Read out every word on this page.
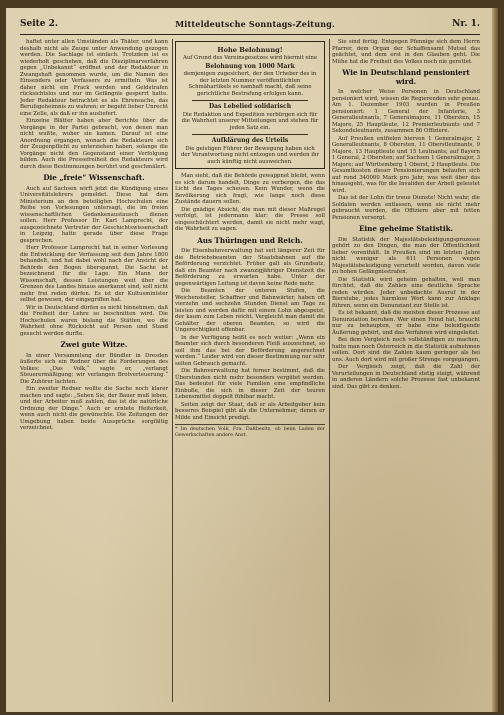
Seite 2.	Mitteldeutsche Sonntags-Zeitung.	Nr. 1.

haftet unter allen Umständen als Thäter, und kann deshalb nicht als Zeuge unter Anwendung gezogen werden. Die Sachlage ist einfach. Trotzdem ist es wiederholt geschehen, daß die Disziplinarverfahren gegen „Unbekannt“ eröffnet und der Redakteur in Zwangshaft genommen wurde, um die Namen des Einsenders oder Verfassers zu ermitteln. Was ist daher nicht ein Frack werden und Geldstrafen rücksichtslos und nur im Gefängnis gesperrt hatte. Jeder Redakteur betrachtet es als Ehrensache, das Berufsgeheimnis zu wahren; er begeht lieber Unrecht eine Zelle, als daß er ihn ausliefert.

Einzelne Blätter haben aber Berichte über die Vorgänge in der Partei gebracht, von denen man nicht wußte, woher sie kamen. Darauf ist eine Anordnung ergangen, wonach die Redakteure sich der Zeugenpflicht zu unterziehen haben, solange die Vorgänge nicht den Gegenstand einer Verfolgung bilden. Auch die Pressefreiheit des Redakteurs wird durch diese Bestimmungen berührt und geschmälert.

Die „freie“ Wissenschaft.

Auch auf Sachsen wirft jetzt die Kündigung eines Universitätslehrers gemeldet. Diese hat dem Ministerium an den beteiligten Hochschulen eine Reihe von Vorlesungen untersagt, die im freien wissenschaftlichen Gedankenaustausch dienen sollen. Herr Professor Dr. Karl Lamprecht, der ausgezeichnete Vertreter der Geschichtswissenschaft in Leipzig, hatte gerade über diese Frage gesprochen.

Herr Professor Lamprecht hat in seiner Vorlesung die Entwicklung der Verfassung seit dem Jahre 1800 behandelt, und hat dabei wohl nach der Ansicht der Behörde den Bogen überspannt. Die Sache ist bezeichnend für die Lage. Ein Mann der Wissenschaft, dessen Leistungen weit über die Grenzen des Landes hinaus anerkannt sind, soll nicht mehr frei reden dürfen. Es ist der Kultusminister selbst gewesen, der eingegriffen hat.

Wir in Deutschland dürfen es nicht hinnehmen, daß die Freiheit der Lehre so beschnitten wird. Die Hochschulen waren bislang die Stätten, wo die Wahrheit ohne Rücksicht auf Person und Stand gesucht werden durfte.

Zwei gute Witze.

In einer Versammlung der Bündler in Dresden äußerte sich ein Redner über die Forderungen des Volkes: „Das Volk,“ sagte er, „verlangt Steuerermäßigung; wir verlangen Brotverteuerung.“ Die Zuhörer lachten.

Ein zweiter Redner wollte die Sache noch klarer machen und sagte: „Sehen Sie, der Bauer muß leben, und der Arbeiter muß zahlen, das ist die natürliche Ordnung der Dinge.“ Auch er erntete Heiterkeit, wenn auch nicht die gewünschte. Die Zeitungen der Umgebung haben beide Aussprüche sorgfältig verzeichnet.

Hohe Belohnung!
Auf Grund des Vereinsgesetzes wird hiermit eine
Belohnung von 1000 Mark
demjenigen zugesichert, der den Urheber des in der letzten Nummer veröffentlichten Schmähartikels so namhaft macht, daß seine gerichtliche Bestrafung erfolgen kann.
Das Lebelied solidarisch
Die Redaktion und Expedition verbürgen sich für die Wahrheit unserer Mitteilungen und stehen für jeden Satz ein.
Aufklärung des Urteils
Die geistigen Führer der Bewegung haben sich der Verantwortung nicht entzogen und werden ihr auch künftig nicht ausweichen.

Man sieht, daß die Behörde gewappnet bleibt, wenn es sich darum handelt, Dinge zu verbergen, die das Licht des Tages scheuen. Kein Wunder, wenn die Bevölkerung sich fragt, wie lange noch diese Zustände dauern sollen.

Die gnädige Absicht, die man mit dieser Maßregel verfolgt, ist jedermann klar: die Presse soll eingeschüchtert werden, damit sie nicht mehr wagt, die Wahrheit zu sagen.

Aus Thüringen und Reich.

Die Eisenbahnverwaltung hat seit längerer Zeit für die Betriebsbeamten der Staatsbahnen auf die Beförderung verzichtet. Früher galt als Grundsatz, daß ein Beamter nach zwanzigjähriger Dienstzeit die Beförderung zu erwarten habe. Unter der gegenwärtigen Leitung ist davon keine Rede mehr.

Die Beamten der unteren Stufen, die Weichensteller, Schaffner und Bahnwärter, haben oft vierzehn und sechzehn Stunden Dienst am Tage zu leisten und werden dafür mit einem Lohn abgespeist, der kaum zum Leben reicht. Vergleicht man damit die Gehälter der oberen Beamten, so wird die Ungerechtigkeit offenbar.

In der Verfügung heißt es noch weiter: „Wenn ein Beamter sich durch besonderen Fleiß auszeichnet, so soll ihm das bei der Beförderung angerechnet werden.“ Leider wird von dieser Bestimmung nur sehr selten Gebrauch gemacht.

Die Bahnverwaltung hat ferner bestimmt, daß die Überstunden nicht mehr besonders vergütet werden. Das bedeutet für viele Familien eine empfindliche Einbuße, die sich in dieser Zeit der teuren Lebensmittel doppelt fühlbar macht.

Seiten zeigt der Staat, daß er als Arbeitgeber kein besseres Beispiel gibt als die Unternehmer, denen er Milde und Einsicht predigt.

* Im deutschen Volk, Fra. Daßbesitz, ob beim Laden der Gewerkschaften andere Anst.

Sie sind fertig. Entgegen Pfennige sich dem Herrn Pfarrer, dem Organ der Schaffensamt Mutsel das geächtet, und dem erst in den Glauben geht. Die Mühe hat die Freiheit des Volkes noch nie gerettet.

Wie in Deutschland pensioniert wird.

In welcher Weise Personen in Deutschland pensioniert wird, wissen die Regierenden sehr genau. Am 1. Dezember 1903 wurden in Preußen pensioniert: 1 General der Infanterie, 3 Generalleutnants, 7 Generalmajore, 11 Obersten, 15 Majore, 25 Hauptleute, 12 Premierleutnants und 7 Sekondeleutnants, zusammen 86 Offiziere.

Auf Preußen entfielen hiervon 1 Generalmajor, 2 Generalleutnants, 8 Obersten, 11 Oberstleutnants, 9 Majore, 13 Hauptleute und 15 Leutnants; auf Bayern 1 General, 2 Obersten; auf Sachsen 1 Generalmajor, 3 Majore; auf Württemberg 1 Oberst, 2 Hauptleute. Die Gesamtkosten dieser Pensionierungen belaufen sich auf rund 340000 Mark pro Jahr, was weit über das hinausgeht, was für die Invaliden der Arbeit geleistet wird.

Das ist der Lohn für treue Dienste! Nicht wahr, die Soldaten werden entlassen, wenn sie nicht mehr gebraucht werden, die Offiziere aber mit fetten Pensionen versorgt.

Eine geheime Statistik.

Die Statistik der Majestätsbeleidigungsprozesse gehört zu den Dingen, die man der Öffentlichkeit lieber vorenthält. In Preußen sind im letzten Jahre nicht weniger als 611 Personen wegen Majestätsbeleidigung verurteilt worden, davon viele zu hohen Gefängnisstrafen.

Die Statistik wird geheim gehalten, weil man fürchtet, daß die Zahlen eine deutliche Sprache reden würden. Jeder unbedachte Ausruf in der Bierstube, jedes harmlose Wort kann zur Anklage führen, wenn ein Denunziant zur Stelle ist.

Es ist bekannt, daß die meisten dieser Prozesse auf Denunziation beruhen. Wer einen Feind hat, braucht nur zu behaupten, er habe eine beleidigende Äußerung gehört, und das Verfahren wird eingeleitet.

Bei dem Vergleich noch vollständigen zu machen, hatte man noch Österreich in die Statistik aufnehmen sollen. Dort sind die Zahlen kaum geringer als bei uns. Auch dort wird mit großer Strenge vorgegangen.

Der Vergleich zeigt, daß die Zahl der Verurteilungen in Deutschland stetig steigt, während in anderen Ländern solche Prozesse fast unbekannt sind. Das gibt zu denken.
